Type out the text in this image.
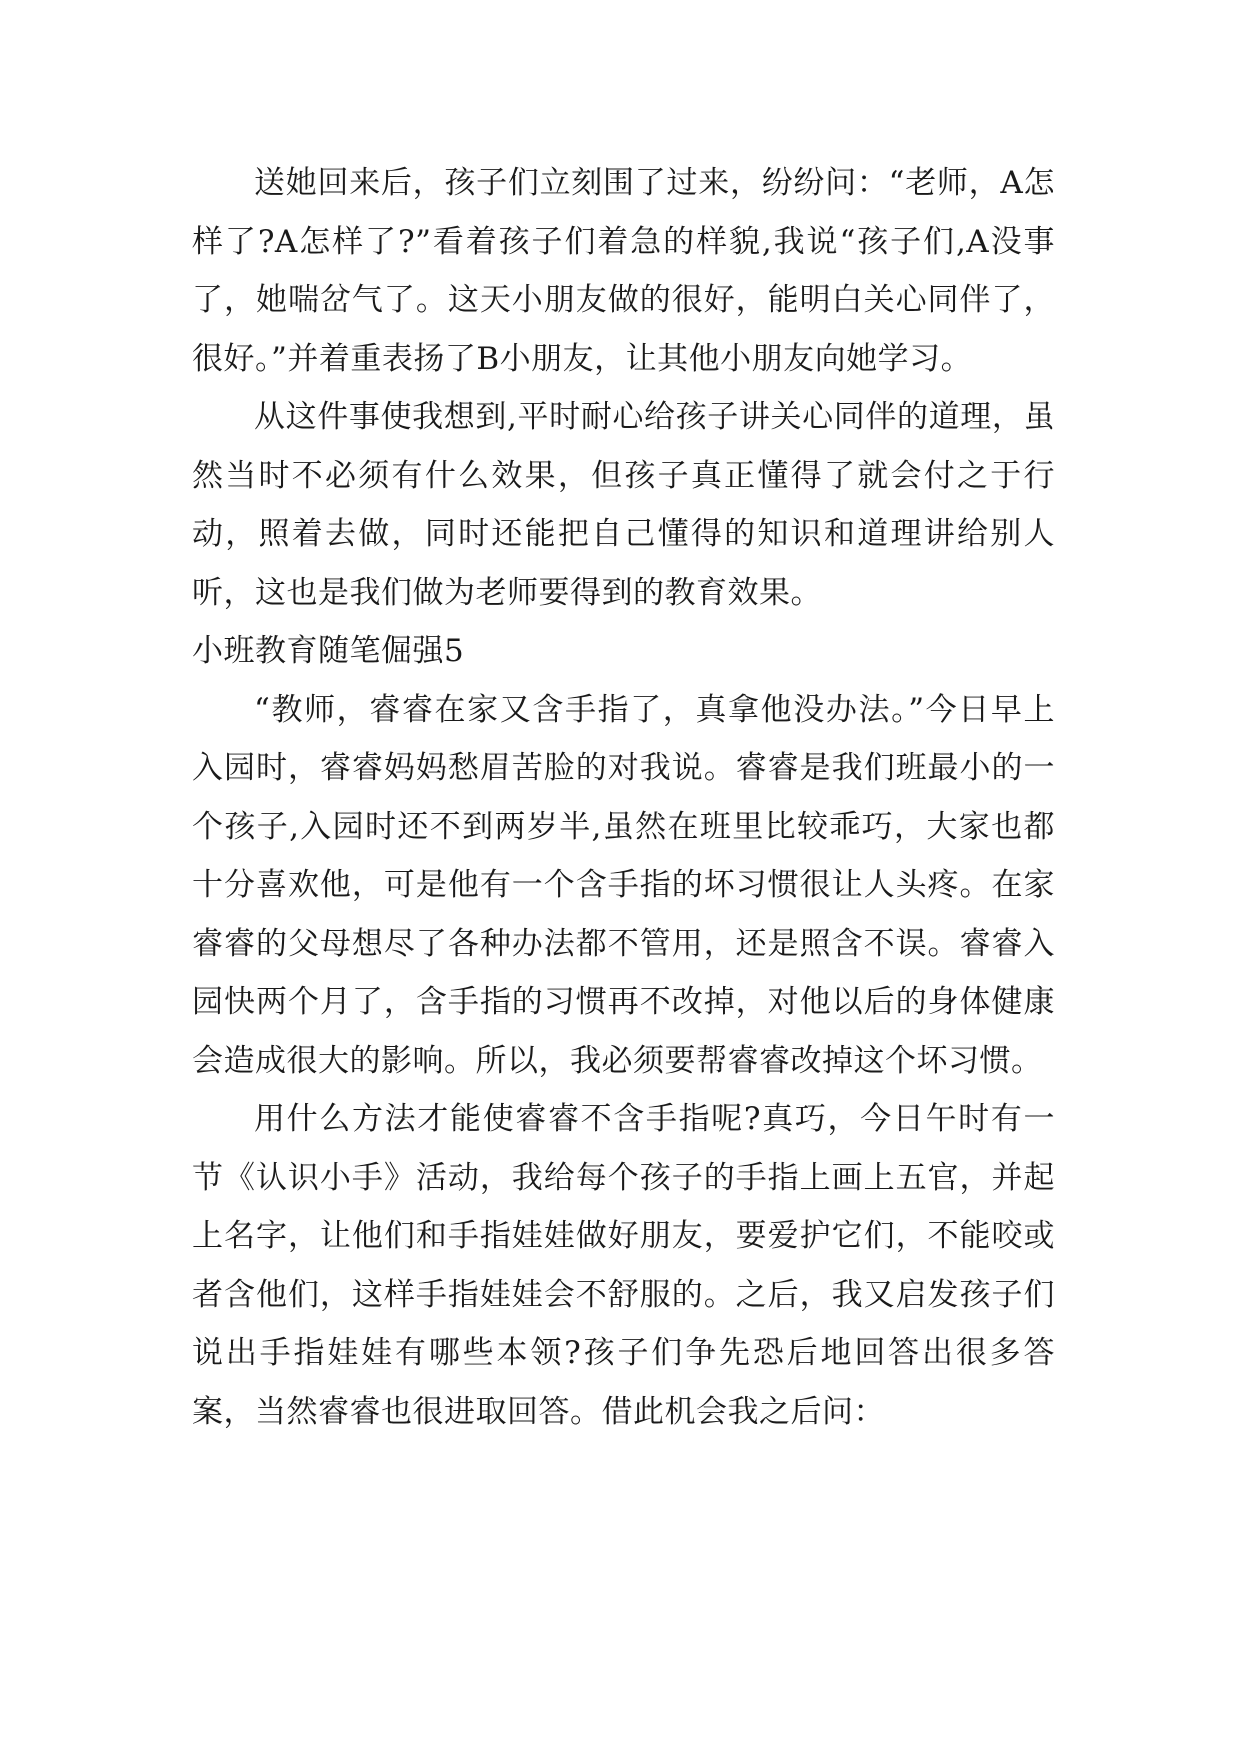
送她回来后，孩子们立刻围了过来，纷纷问：“老师，A怎样了?A怎样了?”看着孩子们着急的样貌,我说“孩子们,A没事了，她喘岔气了。这天小朋友做的很好，能明白关心同伴了，很好。”并着重表扬了B小朋友，让其他小朋友向她学习。

从这件事使我想到,平时耐心给孩子讲关心同伴的道理，虽然当时不必须有什么效果，但孩子真正懂得了就会付之于行动，照着去做，同时还能把自己懂得的知识和道理讲给别人听，这也是我们做为老师要得到的教育效果。

小班教育随笔倔强5

“教师，睿睿在家又含手指了，真拿他没办法。”今日早上入园时，睿睿妈妈愁眉苦脸的对我说。睿睿是我们班最小的一个孩子,入园时还不到两岁半,虽然在班里比较乖巧，大家也都十分喜欢他，可是他有一个含手指的坏习惯很让人头疼。在家睿睿的父母想尽了各种办法都不管用，还是照含不误。睿睿入园快两个月了，含手指的习惯再不改掉，对他以后的身体健康会造成很大的影响。所以，我必须要帮睿睿改掉这个坏习惯。

用什么方法才能使睿睿不含手指呢?真巧，今日午时有一节《认识小手》活动，我给每个孩子的手指上画上五官，并起上名字，让他们和手指娃娃做好朋友，要爱护它们，不能咬或者含他们，这样手指娃娃会不舒服的。之后，我又启发孩子们说出手指娃娃有哪些本领?孩子们争先恐后地回答出很多答案，当然睿睿也很进取回答。借此机会我之后问：
